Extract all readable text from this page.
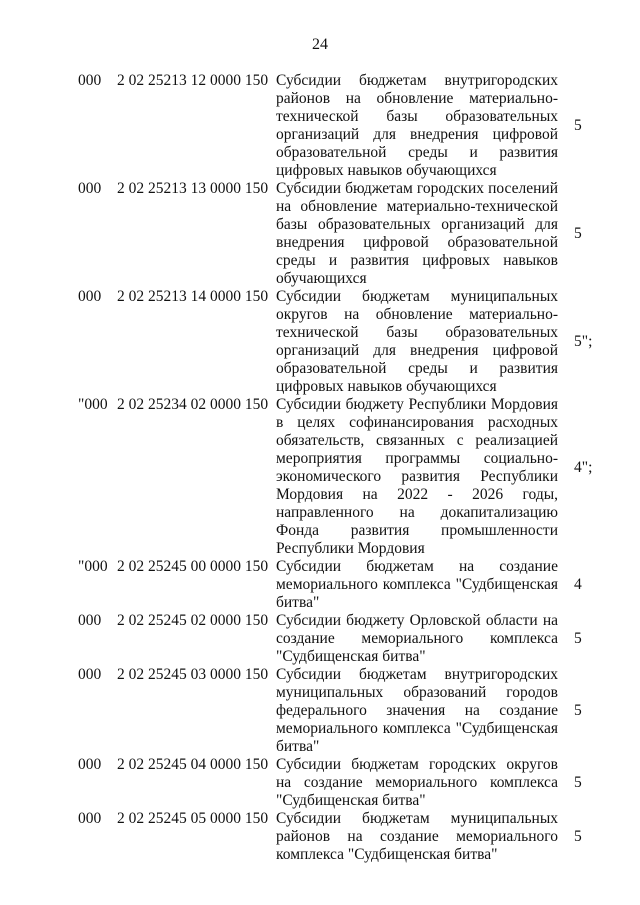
24
000 2 02 25213 12 0000 150 Субсидии бюджетам внутригородских районов на обновление материально-технической базы образовательных организаций для внедрения цифровой образовательной среды и развития цифровых навыков обучающихся
5
000 2 02 25213 13 0000 150 Субсидии бюджетам городских поселений на обновление материально-технической базы образовательных организаций для внедрения цифровой образовательной среды и развития цифровых навыков обучающихся
5
000 2 02 25213 14 0000 150 Субсидии бюджетам муниципальных округов на обновление материально-технической базы образовательных организаций для внедрения цифровой образовательной среды и развития цифровых навыков обучающихся
5";
"000 2 02 25234 02 0000 150 Субсидии бюджету Республики Мордовия в целях софинансирования расходных обязательств, связанных с реализацией мероприятия программы социально-экономического развития Республики Мордовия на 2022 - 2026 годы, направленного на докапитализацию Фонда развития промышленности Республики Мордовия
4";
"000 2 02 25245 00 0000 150 Субсидии бюджетам на создание мемориального комплекса "Судбищенская битва"
4
000 2 02 25245 02 0000 150 Субсидии бюджету Орловской области на создание мемориального комплекса "Судбищенская битва"
5
000 2 02 25245 03 0000 150 Субсидии бюджетам внутригородских муниципальных образований городов федерального значения на создание мемориального комплекса "Судбищенская битва"
5
000 2 02 25245 04 0000 150 Субсидии бюджетам городских округов на создание мемориального комплекса "Судбищенская битва"
5
000 2 02 25245 05 0000 150 Субсидии бюджетам муниципальных районов на создание мемориального комплекса "Судбищенская битва"
5
